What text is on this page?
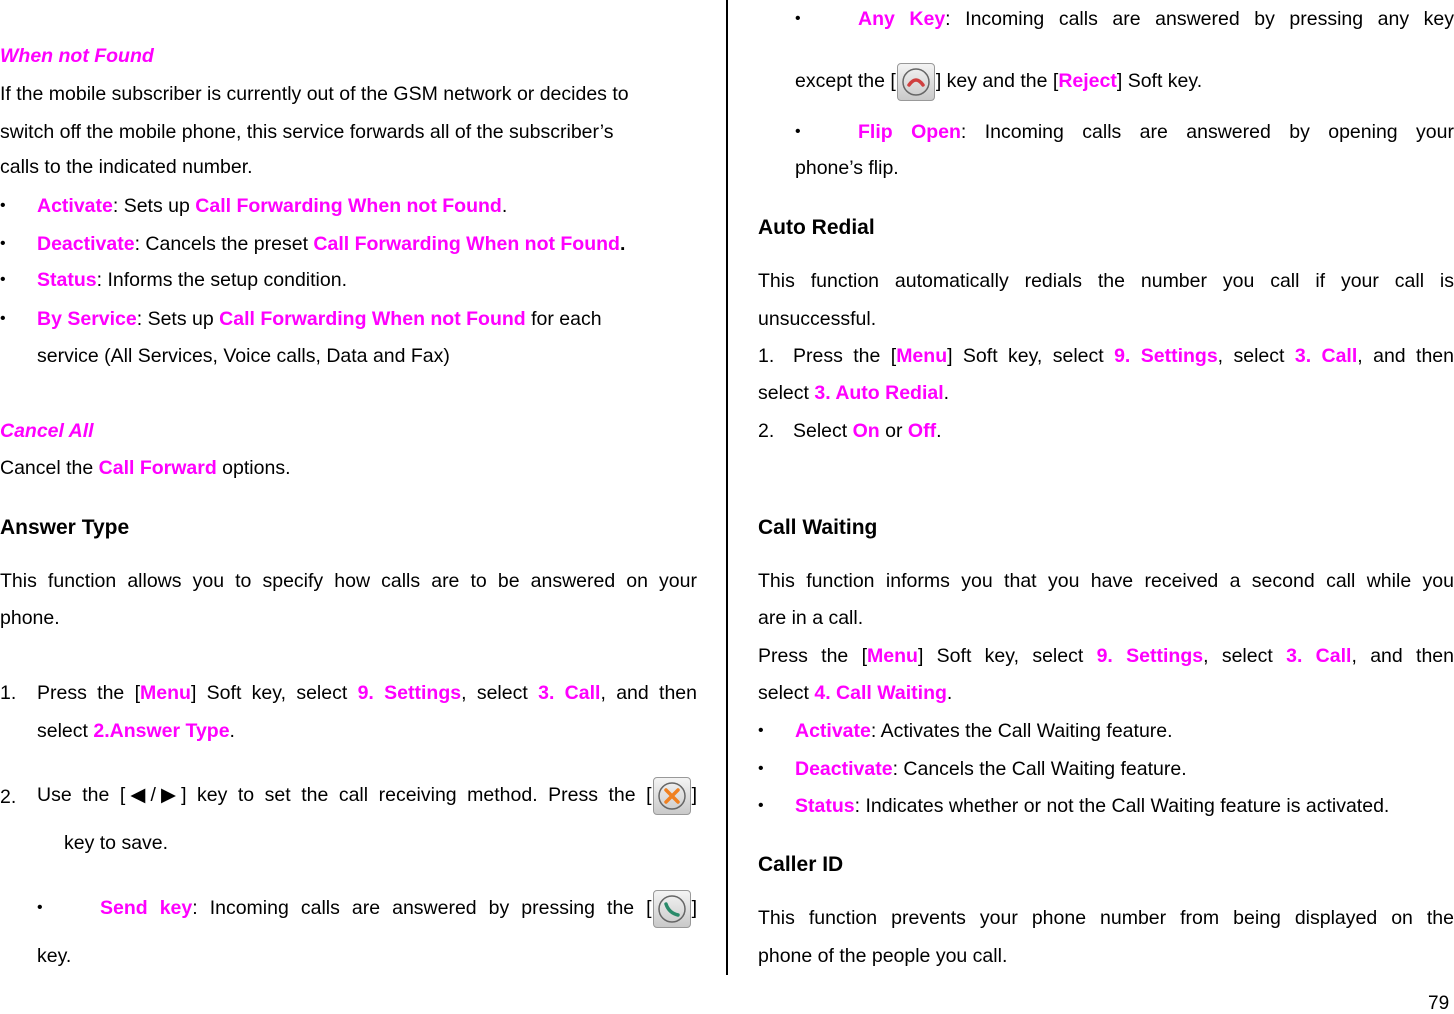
When not Found
If the mobile subscriber is currently out of the GSM network or decides to
switch off the mobile phone, this service forwards all of the subscriber’s
calls to the indicated number.
• Activate: Sets up Call Forwarding When not Found.
• Deactivate: Cancels the preset Call Forwarding When not Found.
• Status: Informs the setup condition.
• By Service: Sets up Call Forwarding When not Found for each
service (All Services, Voice calls, Data and Fax)
Cancel All
Cancel the Call Forward options.
Answer Type
This function allows you to specify how calls are to be answered on your
phone.
1. Press the [Menu] Soft key, select 9. Settings, select 3. Call, and then
select 2.Answer Type.
2. Use the [◀/▶] key to set the call receiving method. Press the [ ]
key to save.
•	Send key: Incoming calls are answered by pressing the [ ]
key.
•	Any Key: Incoming calls are answered by pressing any key
except the [ ] key and the [Reject] Soft key.
•	Flip Open: Incoming calls are answered by opening your
phone’s flip.
Auto Redial
This function automatically redials the number you call if your call is
unsuccessful.
1. Press the [Menu] Soft key, select 9. Settings, select 3. Call, and then
select 3. Auto Redial.
2. Select On or Off.
Call Waiting
This function informs you that you have received a second call while you
are in a call.
Press the [Menu] Soft key, select 9. Settings, select 3. Call, and then
select 4. Call Waiting.
• Activate: Activates the Call Waiting feature.
• Deactivate: Cancels the Call Waiting feature.
• Status: Indicates whether or not the Call Waiting feature is activated.
Caller ID
This function prevents your phone number from being displayed on the
phone of the people you call.
79
